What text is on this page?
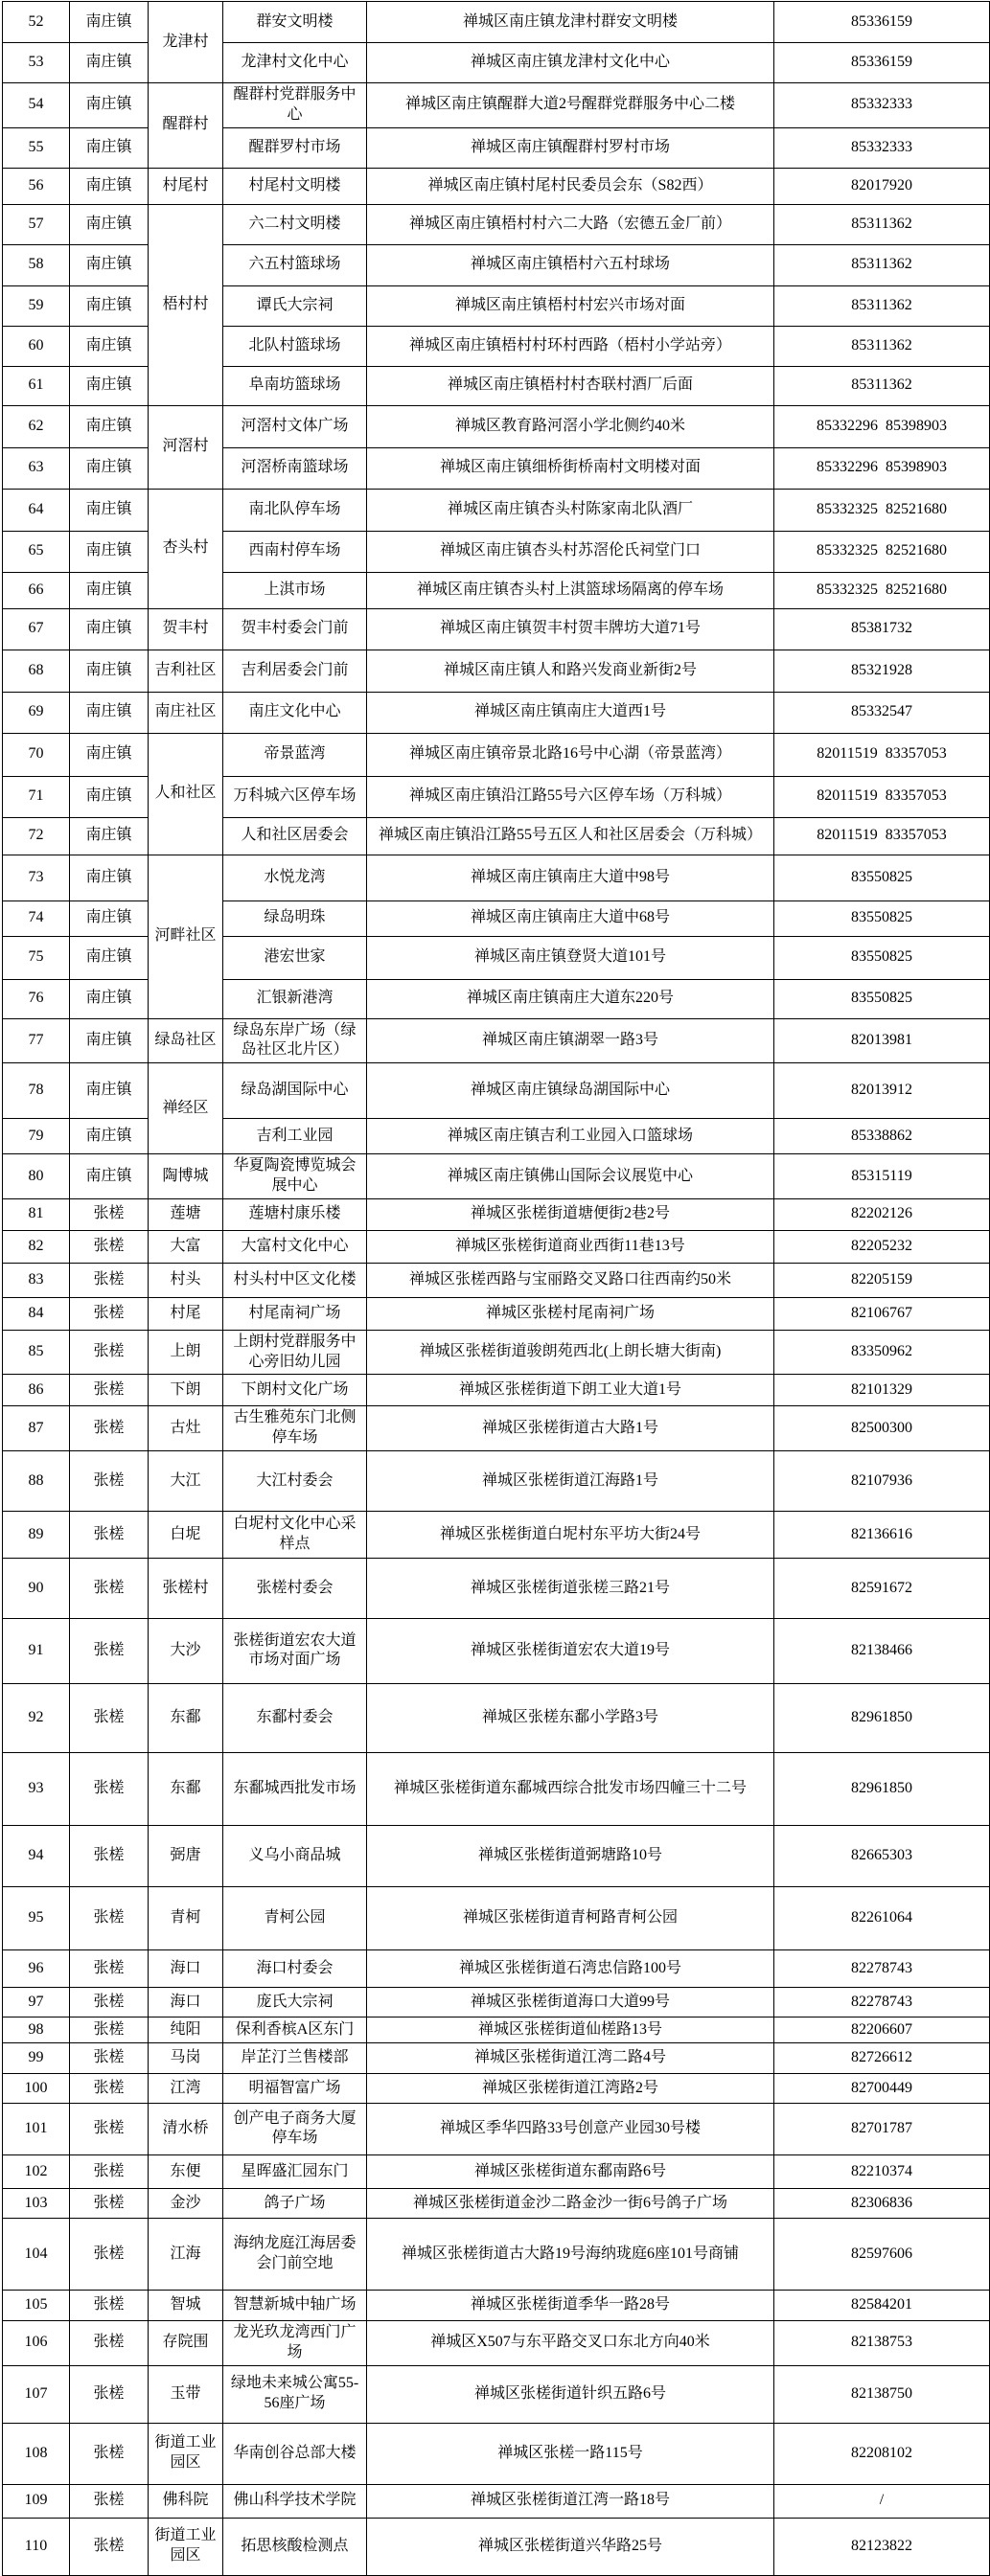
52	南庄镇	龙津村	群安文明楼	禅城区南庄镇龙津村群安文明楼	85336159
53	南庄镇		龙津村文化中心	禅城区南庄镇龙津村文化中心	85336159
54	南庄镇	醒群村	醒群村党群服务中心	禅城区南庄镇醒群大道2号醒群党群服务中心二楼	85332333
55	南庄镇		醒群罗村市场	禅城区南庄镇醒群村罗村市场	85332333
56	南庄镇	村尾村	村尾村文明楼	禅城区南庄镇村尾村民委员会东（S82西）	82017920
57	南庄镇	梧村村	六二村文明楼	禅城区南庄镇梧村村六二大路（宏德五金厂前）	85311362
58	南庄镇		六五村篮球场	禅城区南庄镇梧村六五村球场	85311362
59	南庄镇		谭氏大宗祠	禅城区南庄镇梧村村宏兴市场对面	85311362
60	南庄镇		北队村篮球场	禅城区南庄镇梧村村环村西路（梧村小学站旁）	85311362
61	南庄镇		阜南坊篮球场	禅城区南庄镇梧村村杏联村酒厂后面	85311362
62	南庄镇	河滘村	河滘村文体广场	禅城区教育路河滘小学北侧约40米	85332296  85398903
63	南庄镇		河滘桥南篮球场	禅城区南庄镇细桥街桥南村文明楼对面	85332296  85398903
64	南庄镇	杏头村	南北队停车场	禅城区南庄镇杏头村陈家南北队酒厂	85332325  82521680
65	南庄镇		西南村停车场	禅城区南庄镇杏头村苏滘伦氏祠堂门口	85332325  82521680
66	南庄镇		上淇市场	禅城区南庄镇杏头村上淇篮球场隔离的停车场	85332325  82521680
67	南庄镇	贺丰村	贺丰村委会门前	禅城区南庄镇贺丰村贺丰牌坊大道71号	85381732
68	南庄镇	吉利社区	吉利居委会门前	禅城区南庄镇人和路兴发商业新街2号	85321928
69	南庄镇	南庄社区	南庄文化中心	禅城区南庄镇南庄大道西1号	85332547
70	南庄镇	人和社区	帝景蓝湾	禅城区南庄镇帝景北路16号中心湖（帝景蓝湾）	82011519  83357053
71	南庄镇		万科城六区停车场	禅城区南庄镇沿江路55号六区停车场（万科城）	82011519  83357053
72	南庄镇		人和社区居委会	禅城区南庄镇沿江路55号五区人和社区居委会（万科城）	82011519  83357053
73	南庄镇	河畔社区	水悦龙湾	禅城区南庄镇南庄大道中98号	83550825
74	南庄镇		绿岛明珠	禅城区南庄镇南庄大道中68号	83550825
75	南庄镇		港宏世家	禅城区南庄镇登贤大道101号	83550825
76	南庄镇		汇银新港湾	禅城区南庄镇南庄大道东220号	83550825
77	南庄镇	绿岛社区	绿岛东岸广场（绿岛社区北片区）	禅城区南庄镇湖翠一路3号	82013981
78	南庄镇	禅经区	绿岛湖国际中心	禅城区南庄镇绿岛湖国际中心	82013912
79	南庄镇		吉利工业园	禅城区南庄镇吉利工业园入口篮球场	85338862
80	南庄镇	陶博城	华夏陶瓷博览城会展中心	禅城区南庄镇佛山国际会议展览中心	85315119
81	张槎	莲塘	莲塘村康乐楼	禅城区张槎街道塘便街2巷2号	82202126
82	张槎	大富	大富村文化中心	禅城区张槎街道商业西街11巷13号	82205232
83	张槎	村头	村头村中区文化楼	禅城区张槎西路与宝丽路交叉路口往西南约50米	82205159
84	张槎	村尾	村尾南祠广场	禅城区张槎村尾南祠广场	82106767
85	张槎	上朗	上朗村党群服务中心旁旧幼儿园	禅城区张槎街道骏朗苑西北(上朗长塘大街南)	83350962
86	张槎	下朗	下朗村文化广场	禅城区张槎街道下朗工业大道1号	82101329
87	张槎	古灶	古生雅苑东门北侧停车场	禅城区张槎街道古大路1号	82500300
88	张槎	大江	大江村委会	禅城区张槎街道江海路1号	82107936
89	张槎	白坭	白坭村文化中心采样点	禅城区张槎街道白坭村东平坊大街24号	82136616
90	张槎	张槎村	张槎村委会	禅城区张槎街道张槎三路21号	82591672
91	张槎	大沙	张槎街道宏农大道市场对面广场	禅城区张槎街道宏农大道19号	82138466
92	张槎	东鄱	东鄱村委会	禅城区张槎东鄱小学路3号	82961850
93	张槎	东鄱	东鄱城西批发市场	禅城区张槎街道东鄱城西综合批发市场四幢三十二号	82961850
94	张槎	弼唐	义乌小商品城	禅城区张槎街道弼塘路10号	82665303
95	张槎	青柯	青柯公园	禅城区张槎街道青柯路青柯公园	82261064
96	张槎	海口	海口村委会	禅城区张槎街道石湾忠信路100号	82278743
97	张槎	海口	庞氏大宗祠	禅城区张槎街道海口大道99号	82278743
98	张槎	纯阳	保利香槟A区东门	禅城区张槎街道仙槎路13号	82206607
99	张槎	马岗	岸芷汀兰售楼部	禅城区张槎街道江湾二路4号	82726612
100	张槎	江湾	明福智富广场	禅城区张槎街道江湾路2号	82700449
101	张槎	清水桥	创产电子商务大厦停车场	禅城区季华四路33号创意产业园30号楼	82701787
102	张槎	东便	星晖盛汇园东门	禅城区张槎街道东鄱南路6号	82210374
103	张槎	金沙	鸽子广场	禅城区张槎街道金沙二路金沙一街6号鸽子广场	82306836
104	张槎	江海	海纳龙庭江海居委会门前空地	禅城区张槎街道古大路19号海纳珑庭6座101号商铺	82597606
105	张槎	智城	智慧新城中轴广场	禅城区张槎街道季华一路28号	82584201
106	张槎	存院围	龙光玖龙湾西门广场	禅城区X507与东平路交叉口东北方向40米	82138753
107	张槎	玉带	绿地未来城公寓55-56座广场	禅城区张槎街道针织五路6号	82138750
108	张槎	街道工业园区	华南创谷总部大楼	禅城区张槎一路115号	82208102
109	张槎	佛科院	佛山科学技术学院	禅城区张槎街道江湾一路18号	/
110	张槎	街道工业园区	拓思核酸检测点	禅城区张槎街道兴华路25号	82123822
